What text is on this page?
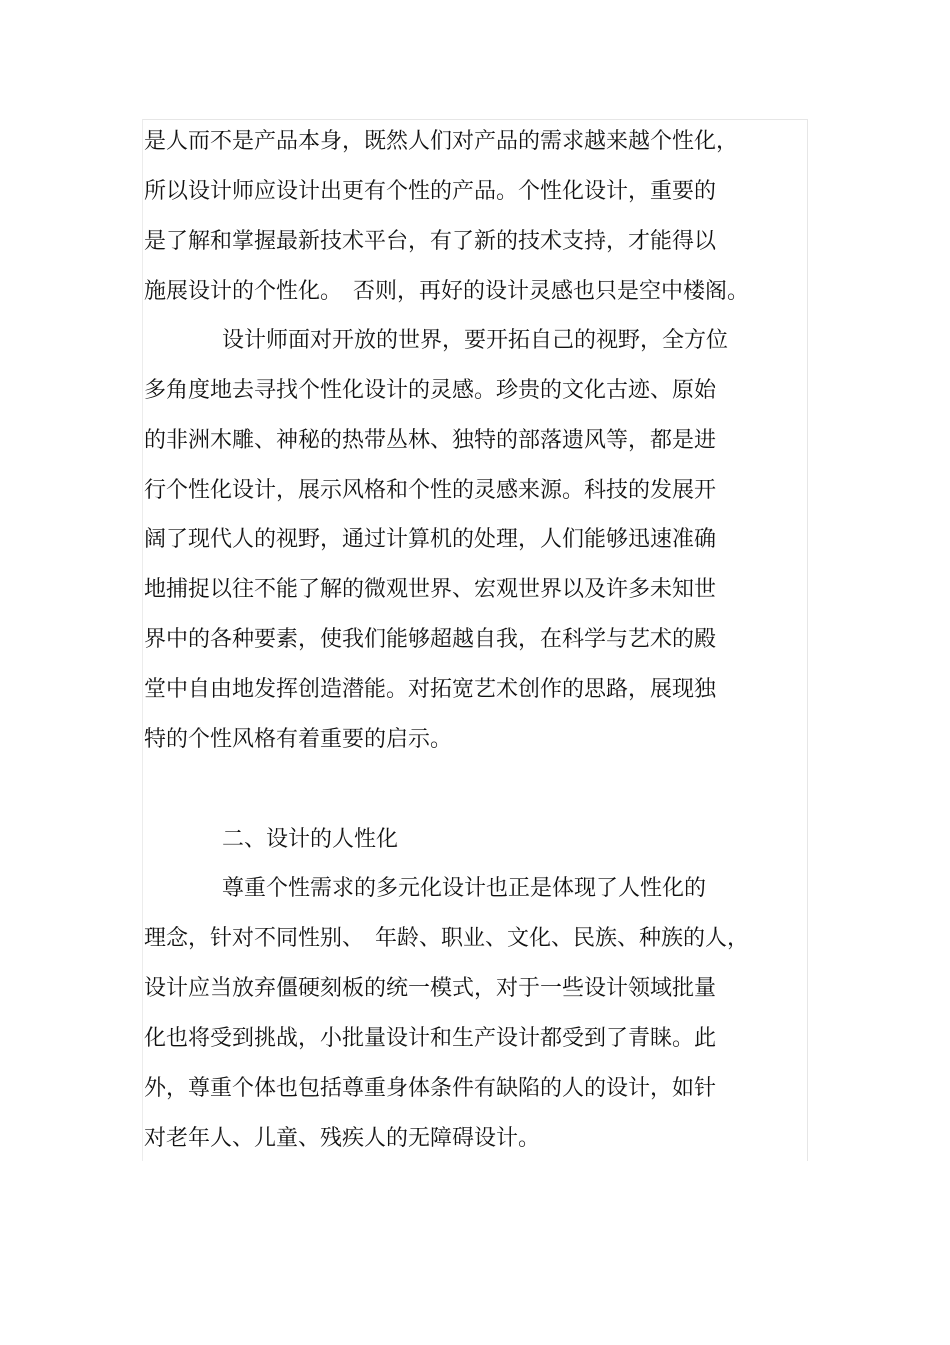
是人而不是产品本身，既然人们对产品的需求越来越个性化，
所以设计师应设计出更有个性的产品。个性化设计，重要的
是了解和掌握最新技术平台，有了新的技术支持，才能得以
施展设计的个性化。　否则，再好的设计灵感也只是空中楼阁。
设计师面对开放的世界，要开拓自己的视野，全方位
多角度地去寻找个性化设计的灵感。珍贵的文化古迹、原始
的非洲木雕、神秘的热带丛林、独特的部落遗风等，都是进
行个性化设计，展示风格和个性的灵感来源。科技的发展开
阔了现代人的视野，通过计算机的处理，人们能够迅速准确
地捕捉以往不能了解的微观世界、宏观世界以及许多未知世
界中的各种要素，使我们能够超越自我，在科学与艺术的殿
堂中自由地发挥创造潜能。对拓宽艺术创作的思路，展现独
特的个性风格有着重要的启示。
二、设计的人性化
尊重个性需求的多元化设计也正是体现了人性化的
理念，针对不同性别、　年龄、职业、文化、民族、种族的人，
设计应当放弃僵硬刻板的统一模式，对于一些设计领域批量
化也将受到挑战，小批量设计和生产设计都受到了青睐。此
外，尊重个体也包括尊重身体条件有缺陷的人的设计，如针
对老年人、儿童、残疾人的无障碍设计。
